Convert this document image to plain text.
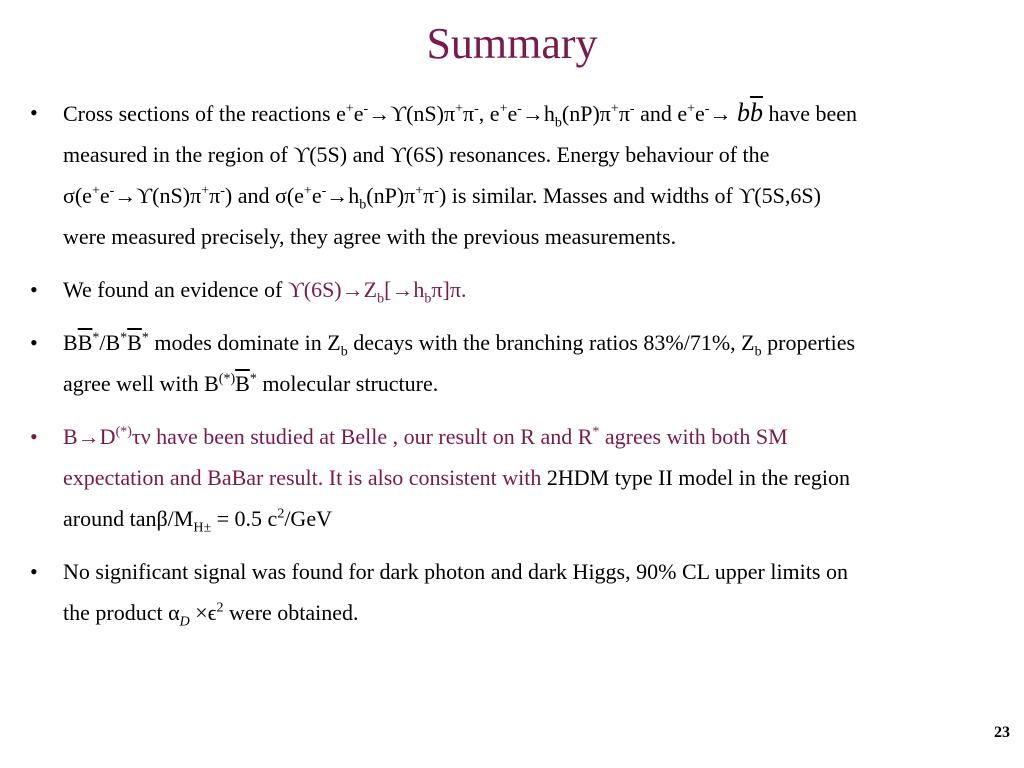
Summary
• Cross sections of the reactions e+e-→ϒ(nS)π+π-, $e^+e^-\to h_b(nP)\pi^+\pi^-$ and $e^+e^-\to b\overline{b}$ have been
measured in the region of ϒ(5S) and ϒ(6S) resonances. Energy behaviour of the
σ(e+e-→ϒ(nS)π+π-) and $\sigma(e^+e^-\to h_b(nP)\pi^+\pi^-)$ is similar. Masses and widths of ϒ(5S,6S)
were measured precisely, they agree with the previous measurements.
• We found an evidence of $ϒ(6S)\to Z_b[\to h_b\pi]\pi$.
• $B\overline{B}^*/B^*\overline{B}^*$ modes dominate in $Z_b$ decays with the branching ratios 83%/71%, $Z_b$ properties
agree well with $B^{(*)}\overline{B}^*$ molecular structure.
• B→D(*)τν have been studied at Belle , our result on R and R* agrees with both SM
expectation and BaBar result. It is also consistent with 2HDM type II model in the region
around tanβ/$M_{H\pm} = 0.5$ $c^2$/GeV
• No significant signal was found for dark photon and dark Higgs, 90% CL upper limits on
the product $\alpha_D \times\epsilon^2$ were obtained.
23
